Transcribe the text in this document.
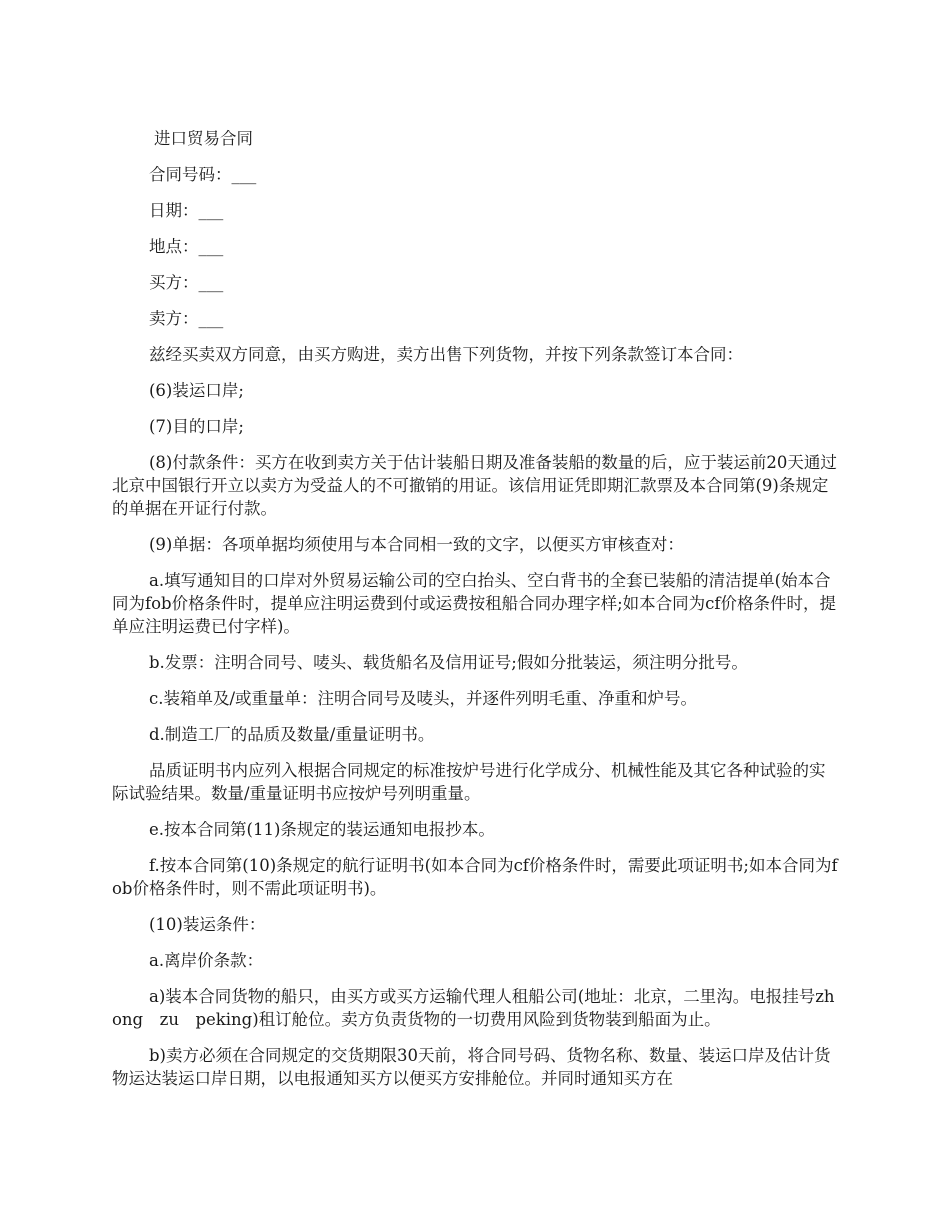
进口贸易合同

合同号码：___

日期：___

地点：___

买方：___

卖方：___

兹经买卖双方同意，由买方购进，卖方出售下列货物，并按下列条款签订本合同：

(6)装运口岸;

(7)目的口岸;

(8)付款条件：买方在收到卖方关于估计装船日期及准备装船的数量的后，应于装运前20天通过北京中国银行开立以卖方为受益人的不可撤销的用证。该信用证凭即期汇款票及本合同第(9)条规定的单据在开证行付款。

(9)单据：各项单据均须使用与本合同相一致的文字，以便买方审核查对：

a.填写通知目的口岸对外贸易运输公司的空白抬头、空白背书的全套已装船的清洁提单(始本合同为fob价格条件时，提单应注明运费到付或运费按租船合同办理字样;如本合同为cf价格条件时，提单应注明运费已付字样)。

b.发票：注明合同号、唛头、载货船名及信用证号;假如分批装运，须注明分批号。

c.装箱单及/或重量单：注明合同号及唛头，并逐件列明毛重、净重和炉号。

d.制造工厂的品质及数量/重量证明书。

品质证明书内应列入根据合同规定的标准按炉号进行化学成分、机械性能及其它各种试验的实际试验结果。数量/重量证明书应按炉号列明重量。

e.按本合同第(11)条规定的装运通知电报抄本。

f.按本合同第(10)条规定的航行证明书(如本合同为cf价格条件时，需要此项证明书;如本合同为fob价格条件时，则不需此项证明书)。

(10)装运条件：

a.离岸价条款：

a)装本合同货物的船只，由买方或买方运输代理人租船公司(地址：北京，二里沟。电报挂号zhong　zu　peking)租订舱位。卖方负责货物的一切费用风险到货物装到船面为止。

b)卖方必须在合同规定的交货期限30天前，将合同号码、货物名称、数量、装运口岸及估计货物运达装运口岸日期，以电报通知买方以便买方安排舱位。并同时通知买方在
